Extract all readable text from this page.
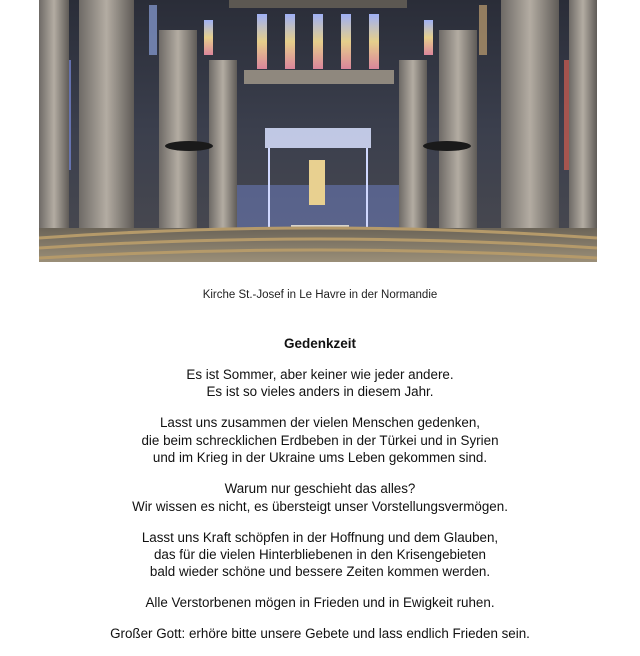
Kirche St.-Josef in Le Havre in der Normandie
Gedenkzeit
Es ist Sommer, aber keiner wie jeder andere.
Es ist so vieles anders in diesem Jahr.
Lasst uns zusammen der vielen Menschen gedenken,
die beim schrecklichen Erdbeben in der Türkei und in Syrien
und im Krieg in der Ukraine ums Leben gekommen sind.
Warum nur geschieht das alles?
Wir wissen es nicht, es übersteigt unser Vorstellungsvermögen.
Lasst uns Kraft schöpfen in der Hoffnung und dem Glauben,
das für die vielen Hinterbliebenen in den Krisengebieten
bald wieder schöne und bessere Zeiten kommen werden.
Alle Verstorbenen mögen in Frieden und in Ewigkeit ruhen.
Großer Gott: erhöre bitte unsere Gebete und lass endlich Frieden sein.
